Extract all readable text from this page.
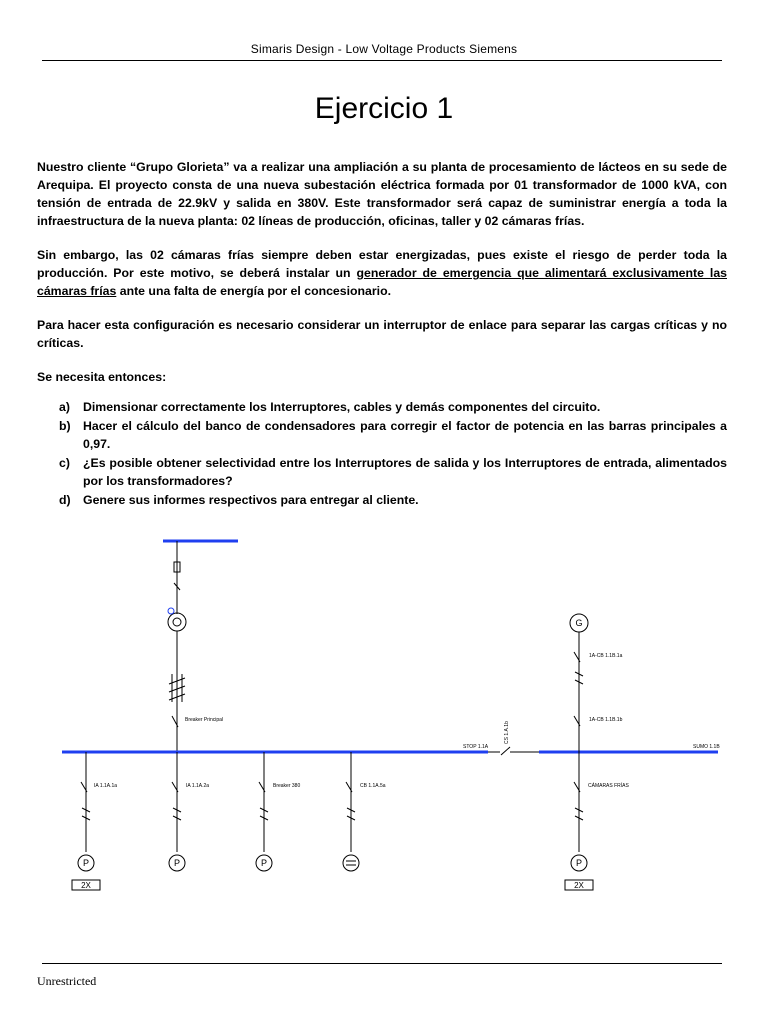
Simaris Design - Low Voltage Products Siemens
Ejercicio 1

Nuestro cliente “Grupo Glorieta” va a realizar una ampliación a su planta de procesamiento de lácteos en su sede de Arequipa. El proyecto consta de una nueva subestación eléctrica formada por 01 transformador de 1000 kVA, con tensión de entrada de 22.9kV y salida en 380V. Este transformador será capaz de suministrar energía a toda la infraestructura de la nueva planta: 02 líneas de producción, oficinas, taller y 02 cámaras frías.

Sin embargo, las 02 cámaras frías siempre deben estar energizadas, pues existe el riesgo de perder toda la producción. Por este motivo, se deberá instalar un generador de emergencia que alimentará exclusivamente las cámaras frías ante una falta de energía por el concesionario.

Para hacer esta configuración es necesario considerar un interruptor de enlace para separar las cargas críticas y no críticas.

Se necesita entonces:

a) Dimensionar correctamente los Interruptores, cables y demás componentes del circuito.
b) Hacer el cálculo del banco de condensadores para corregir el factor de potencia en las barras principales a 0,97.
c) ¿Es posible obtener selectividad entre los Interruptores de salida y los Interruptores de entrada, alimentados por los transformadores?
d) Genere sus informes respectivos para entregar al cliente.
Breaker Principal
CS 1.A.1b
STOP 1.1A	SUMO 1.1B
1A-CB 1.1B.1a
1A-CB 1.1B.1b
IA 1.1A.1a	IA 1.1A.2a	Breaker 380	CB 1.1A.5a	CÁMARAS FRÍAS
G
P	P	P	P
2X	2X
Unrestricted
